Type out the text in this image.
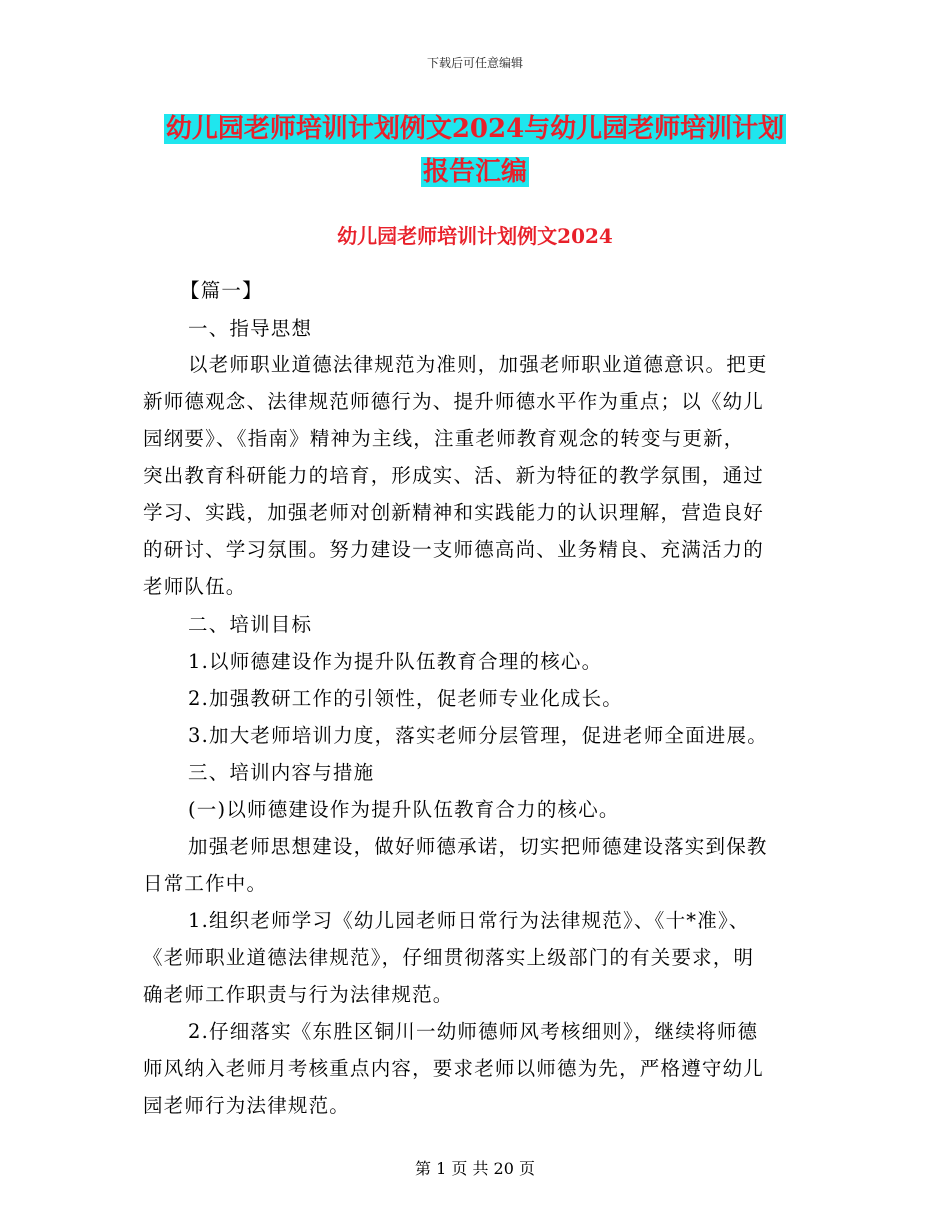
下载后可任意编辑
幼儿园老师培训计划例文2024与幼儿园老师培训计划
报告汇编
幼儿园老师培训计划例文2024
【篇一】
一、指导思想
以老师职业道德法律规范为准则，加强老师职业道德意识。把更
新师德观念、法律规范师德行为、提升师德水平作为重点；以《幼儿
园纲要》、《指南》精神为主线，注重老师教育观念的转变与更新，
突出教育科研能力的培育，形成实、活、新为特征的教学氛围，通过
学习、实践，加强老师对创新精神和实践能力的认识理解，营造良好
的研讨、学习氛围。努力建设一支师德高尚、业务精良、充满活力的
老师队伍。
二、培训目标
1.以师德建设作为提升队伍教育合理的核心。
2.加强教研工作的引领性，促老师专业化成长。
3.加大老师培训力度，落实老师分层管理，促进老师全面进展。
三、培训内容与措施
(一)以师德建设作为提升队伍教育合力的核心。
加强老师思想建设，做好师德承诺，切实把师德建设落实到保教
日常工作中。
1.组织老师学习《幼儿园老师日常行为法律规范》、《十*准》、
《老师职业道德法律规范》，仔细贯彻落实上级部门的有关要求，明
确老师工作职责与行为法律规范。
2.仔细落实《东胜区铜川一幼师德师风考核细则》，继续将师德
师风纳入老师月考核重点内容，要求老师以师德为先，严格遵守幼儿
园老师行为法律规范。
第 1 页 共 20 页
